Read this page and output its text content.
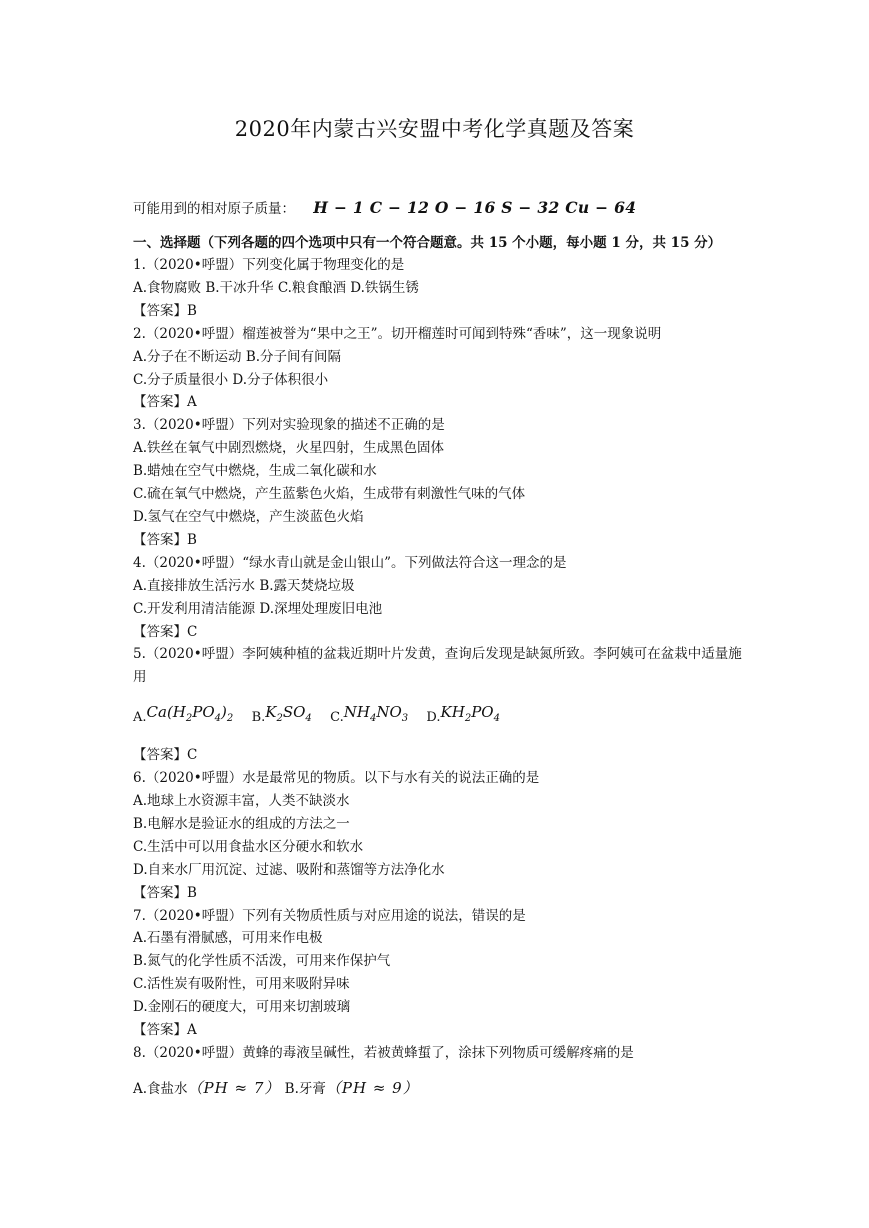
2020年内蒙古兴安盟中考化学真题及答案
可能用到的相对原子质量： H − 1 C − 12 O − 16 S − 32 Cu − 64

一、选择题（下列各题的四个选项中只有一个符合题意。共 15 个小题，每小题 1 分，共 15 分）

1.（2020•呼盟）下列变化属于物理变化的是

A.食物腐败 B.干冰升华 C.粮食酿酒 D.铁锅生锈

【答案】B

2.（2020•呼盟）榴莲被誉为“果中之王”。切开榴莲时可闻到特殊“香味”，这一现象说明

A.分子在不断运动 B.分子间有间隔

C.分子质量很小 D.分子体积很小

【答案】A

3.（2020•呼盟）下列对实验现象的描述不正确的是

A.铁丝在氧气中剧烈燃烧，火星四射，生成黑色固体

B.蜡烛在空气中燃烧，生成二氧化碳和水

C.硫在氧气中燃烧，产生蓝紫色火焰，生成带有刺激性气味的气体

D.氢气在空气中燃烧，产生淡蓝色火焰

【答案】B

4.（2020•呼盟）“绿水青山就是金山银山”。下列做法符合这一理念的是

A.直接排放生活污水 B.露天焚烧垃圾

C.开发利用清洁能源 D.深埋处理废旧电池

【答案】C

5.（2020•呼盟）李阿姨种植的盆栽近期叶片发黄，查询后发现是缺氮所致。李阿姨可在盆栽中适量施用

$A.Ca(H_2PO_4)_2$ $B.K_2SO_4$ $C.NH_4NO_3$ $D.KH_2PO_4$

【答案】C

6.（2020•呼盟）水是最常见的物质。以下与水有关的说法正确的是

A.地球上水资源丰富，人类不缺淡水

B.电解水是验证水的组成的方法之一

C.生活中可以用食盐水区分硬水和软水

D.自来水厂用沉淀、过滤、吸附和蒸馏等方法净化水

【答案】B

7.（2020•呼盟）下列有关物质性质与对应用途的说法，错误的是

A.石墨有滑腻感，可用来作电极

B.氮气的化学性质不活泼，可用来作保护气

C.活性炭有吸附性，可用来吸附异味

D.金刚石的硬度大，可用来切割玻璃

【答案】A

8.（2020•呼盟）黄蜂的毒液呈碱性，若被黄蜂蜇了，涂抹下列物质可缓解疼痛的是

A.食盐水（PH ≈ 7） B.牙膏（PH ≈ 9）
